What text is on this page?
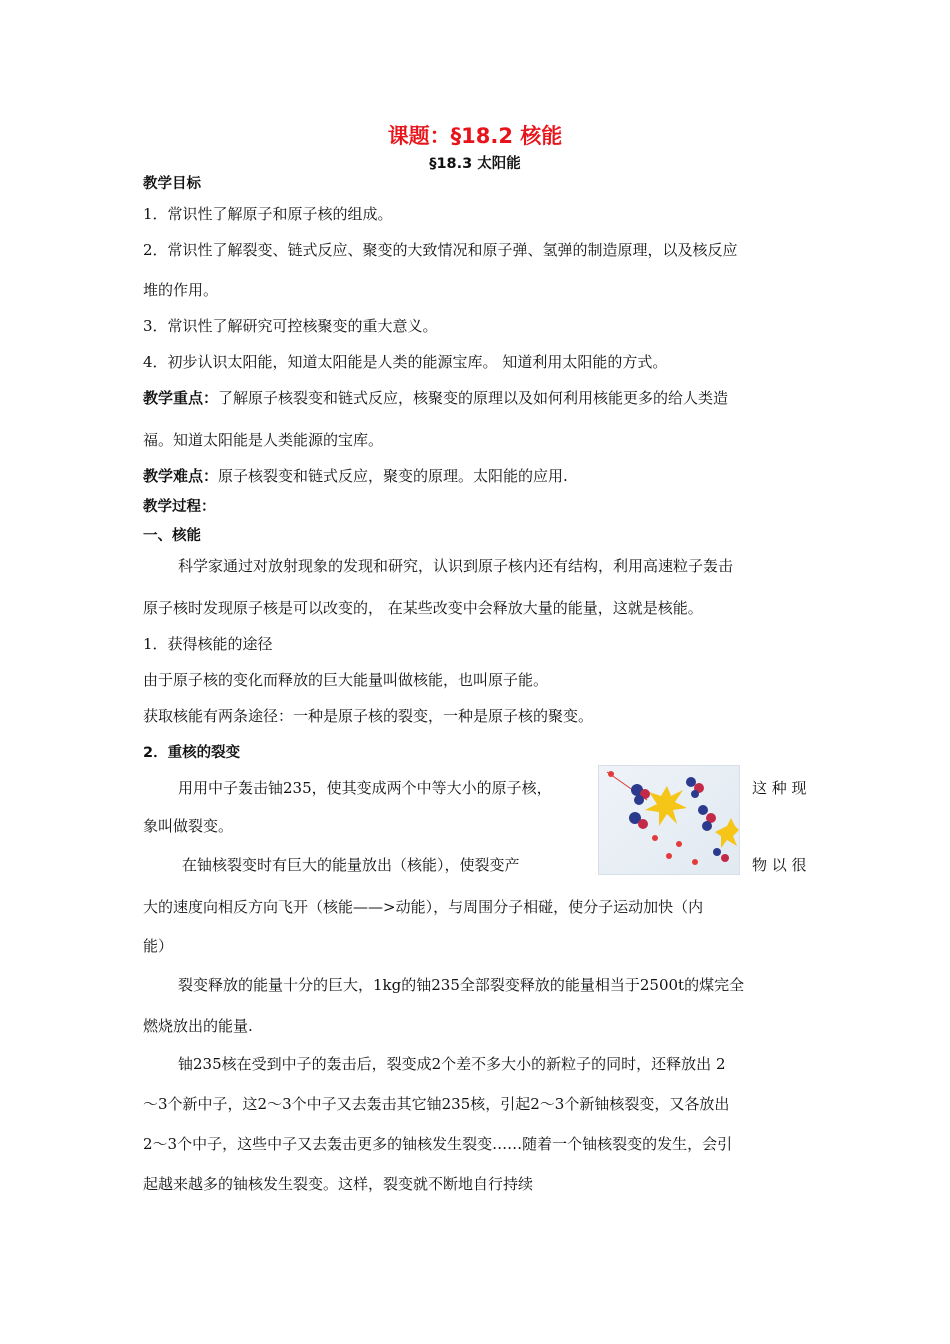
课题：§18.2 核能
§18.3 太阳能
教学目标
1．常识性了解原子和原子核的组成。
2．常识性了解裂变、链式反应、聚变的大致情况和原子弹、氢弹的制造原理，以及核反应
堆的作用。
3．常识性了解研究可控核聚变的重大意义。
4．初步认识太阳能，知道太阳能是人类的能源宝库。 知道利用太阳能的方式。
教学重点：了解原子核裂变和链式反应，核聚变的原理以及如何利用核能更多的给人类造
福。知道太阳能是人类能源的宝库。
教学难点：原子核裂变和链式反应，聚变的原理。太阳能的应用.
教学过程：
一、核能
科学家通过对放射现象的发现和研究，认识到原子核内还有结构，利用高速粒子轰击
原子核时发现原子核是可以改变的， 在某些改变中会释放大量的能量，这就是核能。
1．获得核能的途径
由于原子核的变化而释放的巨大能量叫做核能，也叫原子能。
获取核能有两条途径：一种是原子核的裂变，一种是原子核的聚变。
2．重核的裂变
用用中子轰击铀235，使其变成两个中等大小的原子核，	这 种 现
象叫做裂变。
在铀核裂变时有巨大的能量放出（核能），使裂变产	物 以 很
大的速度向相反方向飞开（核能——>动能），与周围分子相碰，使分子运动加快（内
能）
裂变释放的能量十分的巨大，1kg的铀235全部裂变释放的能量相当于2500t的煤完全
燃烧放出的能量.
铀235核在受到中子的轰击后，裂变成2个差不多大小的新粒子的同时，还释放出 2
～3个新中子，这2～3个中子又去轰击其它铀235核，引起2～3个新铀核裂变，又各放出
2～3个中子，这些中子又去轰击更多的铀核发生裂变……随着一个铀核裂变的发生，会引
起越来越多的铀核发生裂变。这样，裂变就不断地自行持续
